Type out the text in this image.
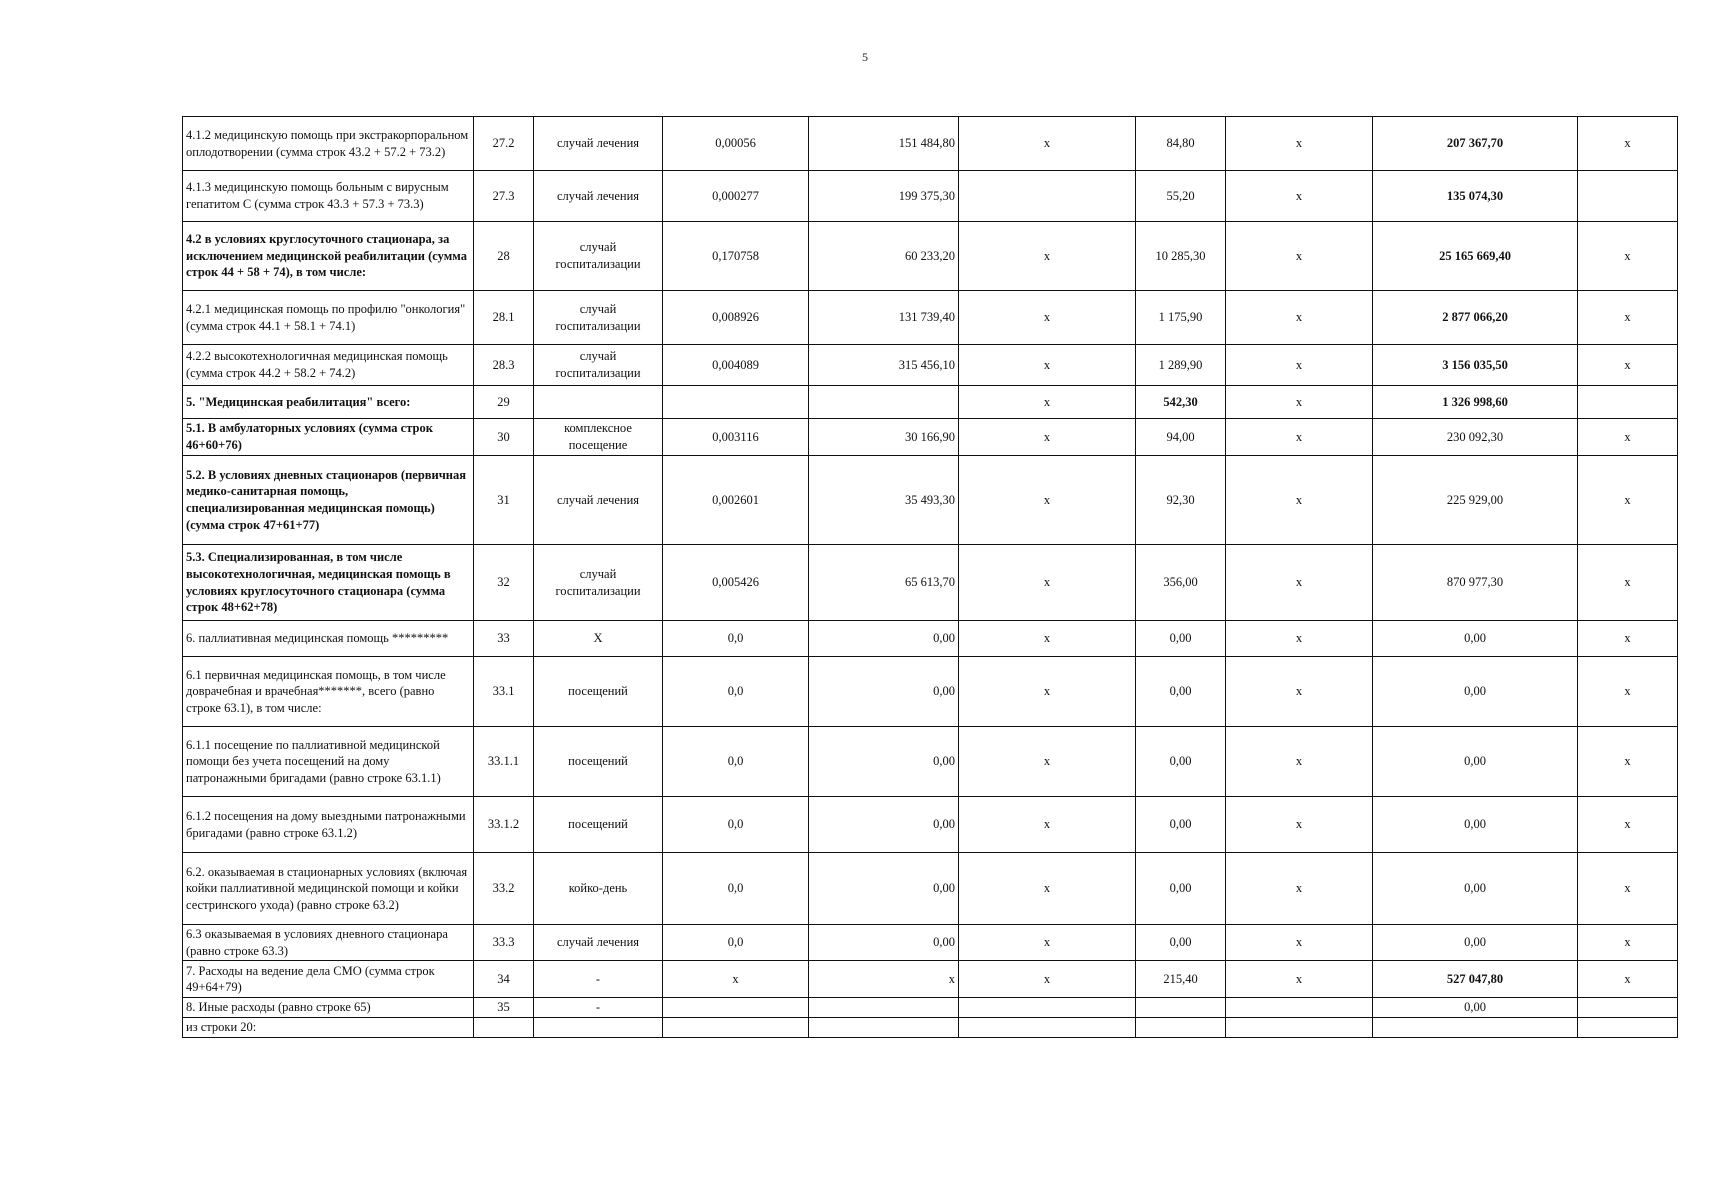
5
4.1.2 медицинскую помощь при экстракорпоральном оплодотворении (сумма строк 43.2 + 57.2 + 73.2)	27.2	случай лечения	0,00056	151 484,80	x	84,80	x	207 367,70	x
4.1.3 медицинскую помощь больным с вирусным гепатитом С (сумма строк 43.3 + 57.3 + 73.3)	27.3	случай лечения	0,000277	199 375,30		55,20	x	135 074,30	
4.2 в условиях круглосуточного стационара, за исключением медицинской реабилитации (сумма строк 44 + 58 + 74), в том числе:	28	случай госпитализации	0,170758	60 233,20	x	10 285,30	x	25 165 669,40	x
4.2.1 медицинская помощь по профилю "онкология" (сумма строк 44.1 + 58.1 + 74.1)	28.1	случай госпитализации	0,008926	131 739,40	x	1 175,90	x	2 877 066,20	x
4.2.2 высокотехнологичная медицинская помощь (сумма строк 44.2 + 58.2 + 74.2)	28.3	случай госпитализации	0,004089	315 456,10	x	1 289,90	x	3 156 035,50	x
5. "Медицинская реабилитация" всего:	29				x	542,30	x	1 326 998,60	
5.1. В амбулаторных условиях (сумма строк 46+60+76)	30	комплексное посещение	0,003116	30 166,90	x	94,00	x	230 092,30	x
5.2. В условиях дневных стационаров (первичная медико-санитарная помощь, специализированная медицинская помощь) (сумма строк 47+61+77)	31	случай лечения	0,002601	35 493,30	x	92,30	x	225 929,00	x
5.3. Специализированная, в том числе высокотехнологичная, медицинская помощь в условиях круглосуточного стационара (сумма строк 48+62+78)	32	случай госпитализации	0,005426	65 613,70	x	356,00	x	870 977,30	x
6. паллиативная медицинская помощь *********	33	X	0,0	0,00	x	0,00	x	0,00	x
6.1 первичная медицинская помощь, в том числе доврачебная и врачебная*******, всего (равно строке 63.1), в том числе:	33.1	посещений	0,0	0,00	x	0,00	x	0,00	x
6.1.1 посещение по паллиативной медицинской помощи без учета посещений на дому патронажными бригадами (равно строке 63.1.1)	33.1.1	посещений	0,0	0,00	x	0,00	x	0,00	x
6.1.2 посещения на дому выездными патронажными бригадами (равно строке 63.1.2)	33.1.2	посещений	0,0	0,00	x	0,00	x	0,00	x
6.2. оказываемая в стационарных условиях (включая койки паллиативной медицинской помощи и койки сестринского ухода) (равно строке 63.2)	33.2	койко-день	0,0	0,00	x	0,00	x	0,00	x
6.3 оказываемая в условиях дневного стационара (равно строке 63.3)	33.3	случай лечения	0,0	0,00	x	0,00	x	0,00	x
7. Расходы на ведение дела СМО (сумма строк 49+64+79)	34	-	x	x	x	215,40	x	527 047,80	x
8. Иные расходы (равно строке 65)	35	-						0,00	
из строки 20:									
